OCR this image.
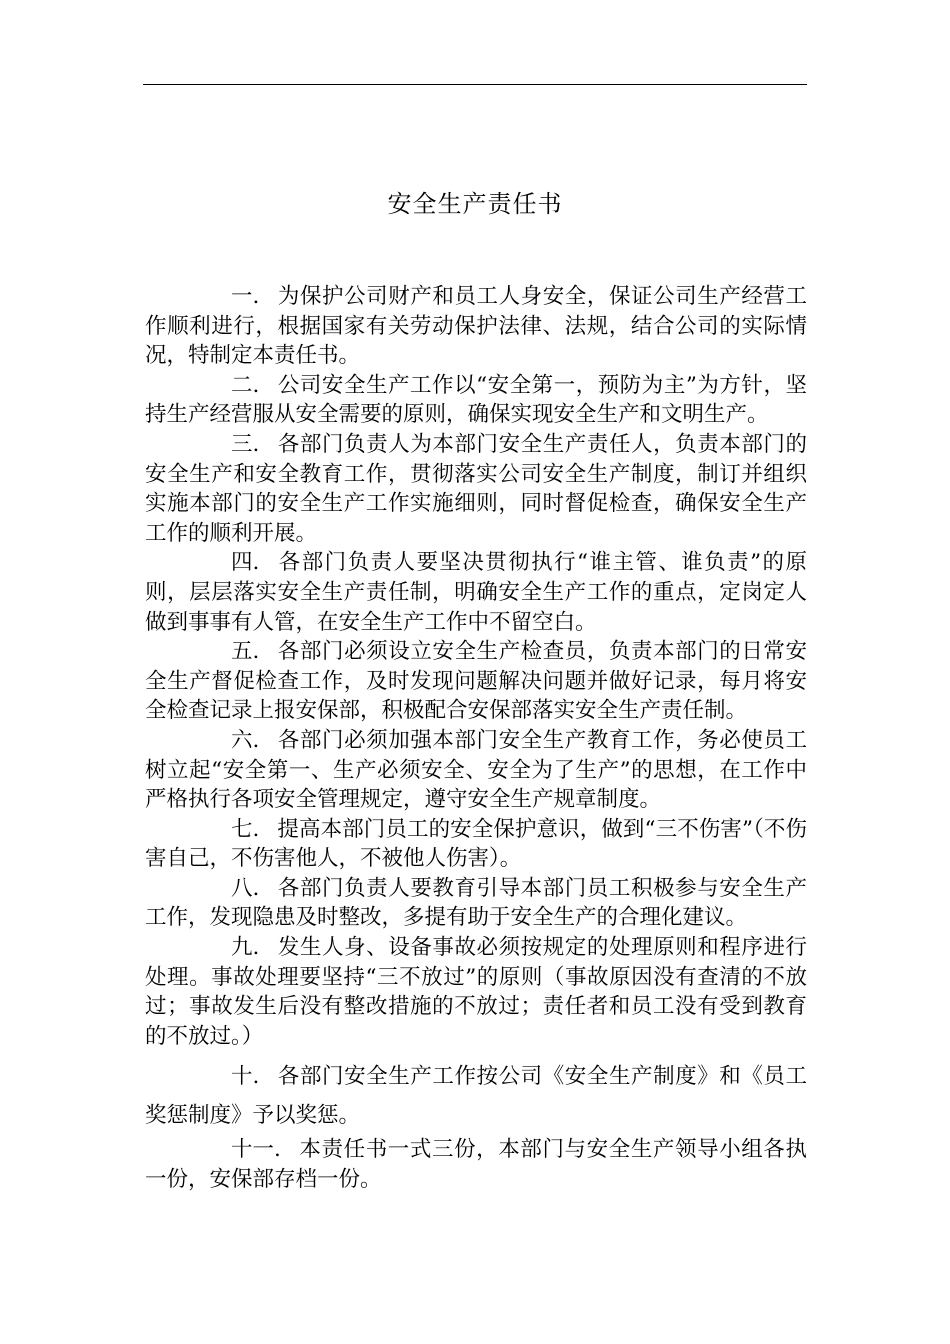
安全生产责任书

一. 为保护公司财产和员工人身安全，保证公司生产经营工作顺利进行，根据国家有关劳动保护法律、法规，结合公司的实际情况，特制定本责任书。

二. 公司安全生产工作以“安全第一，预防为主”为方针，坚持生产经营服从安全需要的原则，确保实现安全生产和文明生产。

三. 各部门负责人为本部门安全生产责任人，负责本部门的安全生产和安全教育工作，贯彻落实公司安全生产制度，制订并组织实施本部门的安全生产工作实施细则，同时督促检查，确保安全生产工作的顺利开展。

四. 各部门负责人要坚决贯彻执行“谁主管、谁负责”的原则，层层落实安全生产责任制，明确安全生产工作的重点，定岗定人做到事事有人管，在安全生产工作中不留空白。

五. 各部门必须设立安全生产检查员，负责本部门的日常安全生产督促检查工作，及时发现问题解决问题并做好记录，每月将安全检查记录上报安保部，积极配合安保部落实安全生产责任制。

六. 各部门必须加强本部门安全生产教育工作，务必使员工树立起“安全第一、生产必须安全、安全为了生产”的思想，在工作中严格执行各项安全管理规定，遵守安全生产规章制度。

七. 提高本部门员工的安全保护意识，做到“三不伤害”（不伤害自己，不伤害他人，不被他人伤害）。

八. 各部门负责人要教育引导本部门员工积极参与安全生产工作，发现隐患及时整改，多提有助于安全生产的合理化建议。

九. 发生人身、设备事故必须按规定的处理原则和程序进行处理。事故处理要坚持“三不放过”的原则（事故原因没有查清的不放过；事故发生后没有整改措施的不放过；责任者和员工没有受到教育的不放过。）

十. 各部门安全生产工作按公司《安全生产制度》和《员工奖惩制度》予以奖惩。

十一. 本责任书一式三份，本部门与安全生产领导小组各执一份，安保部存档一份。
